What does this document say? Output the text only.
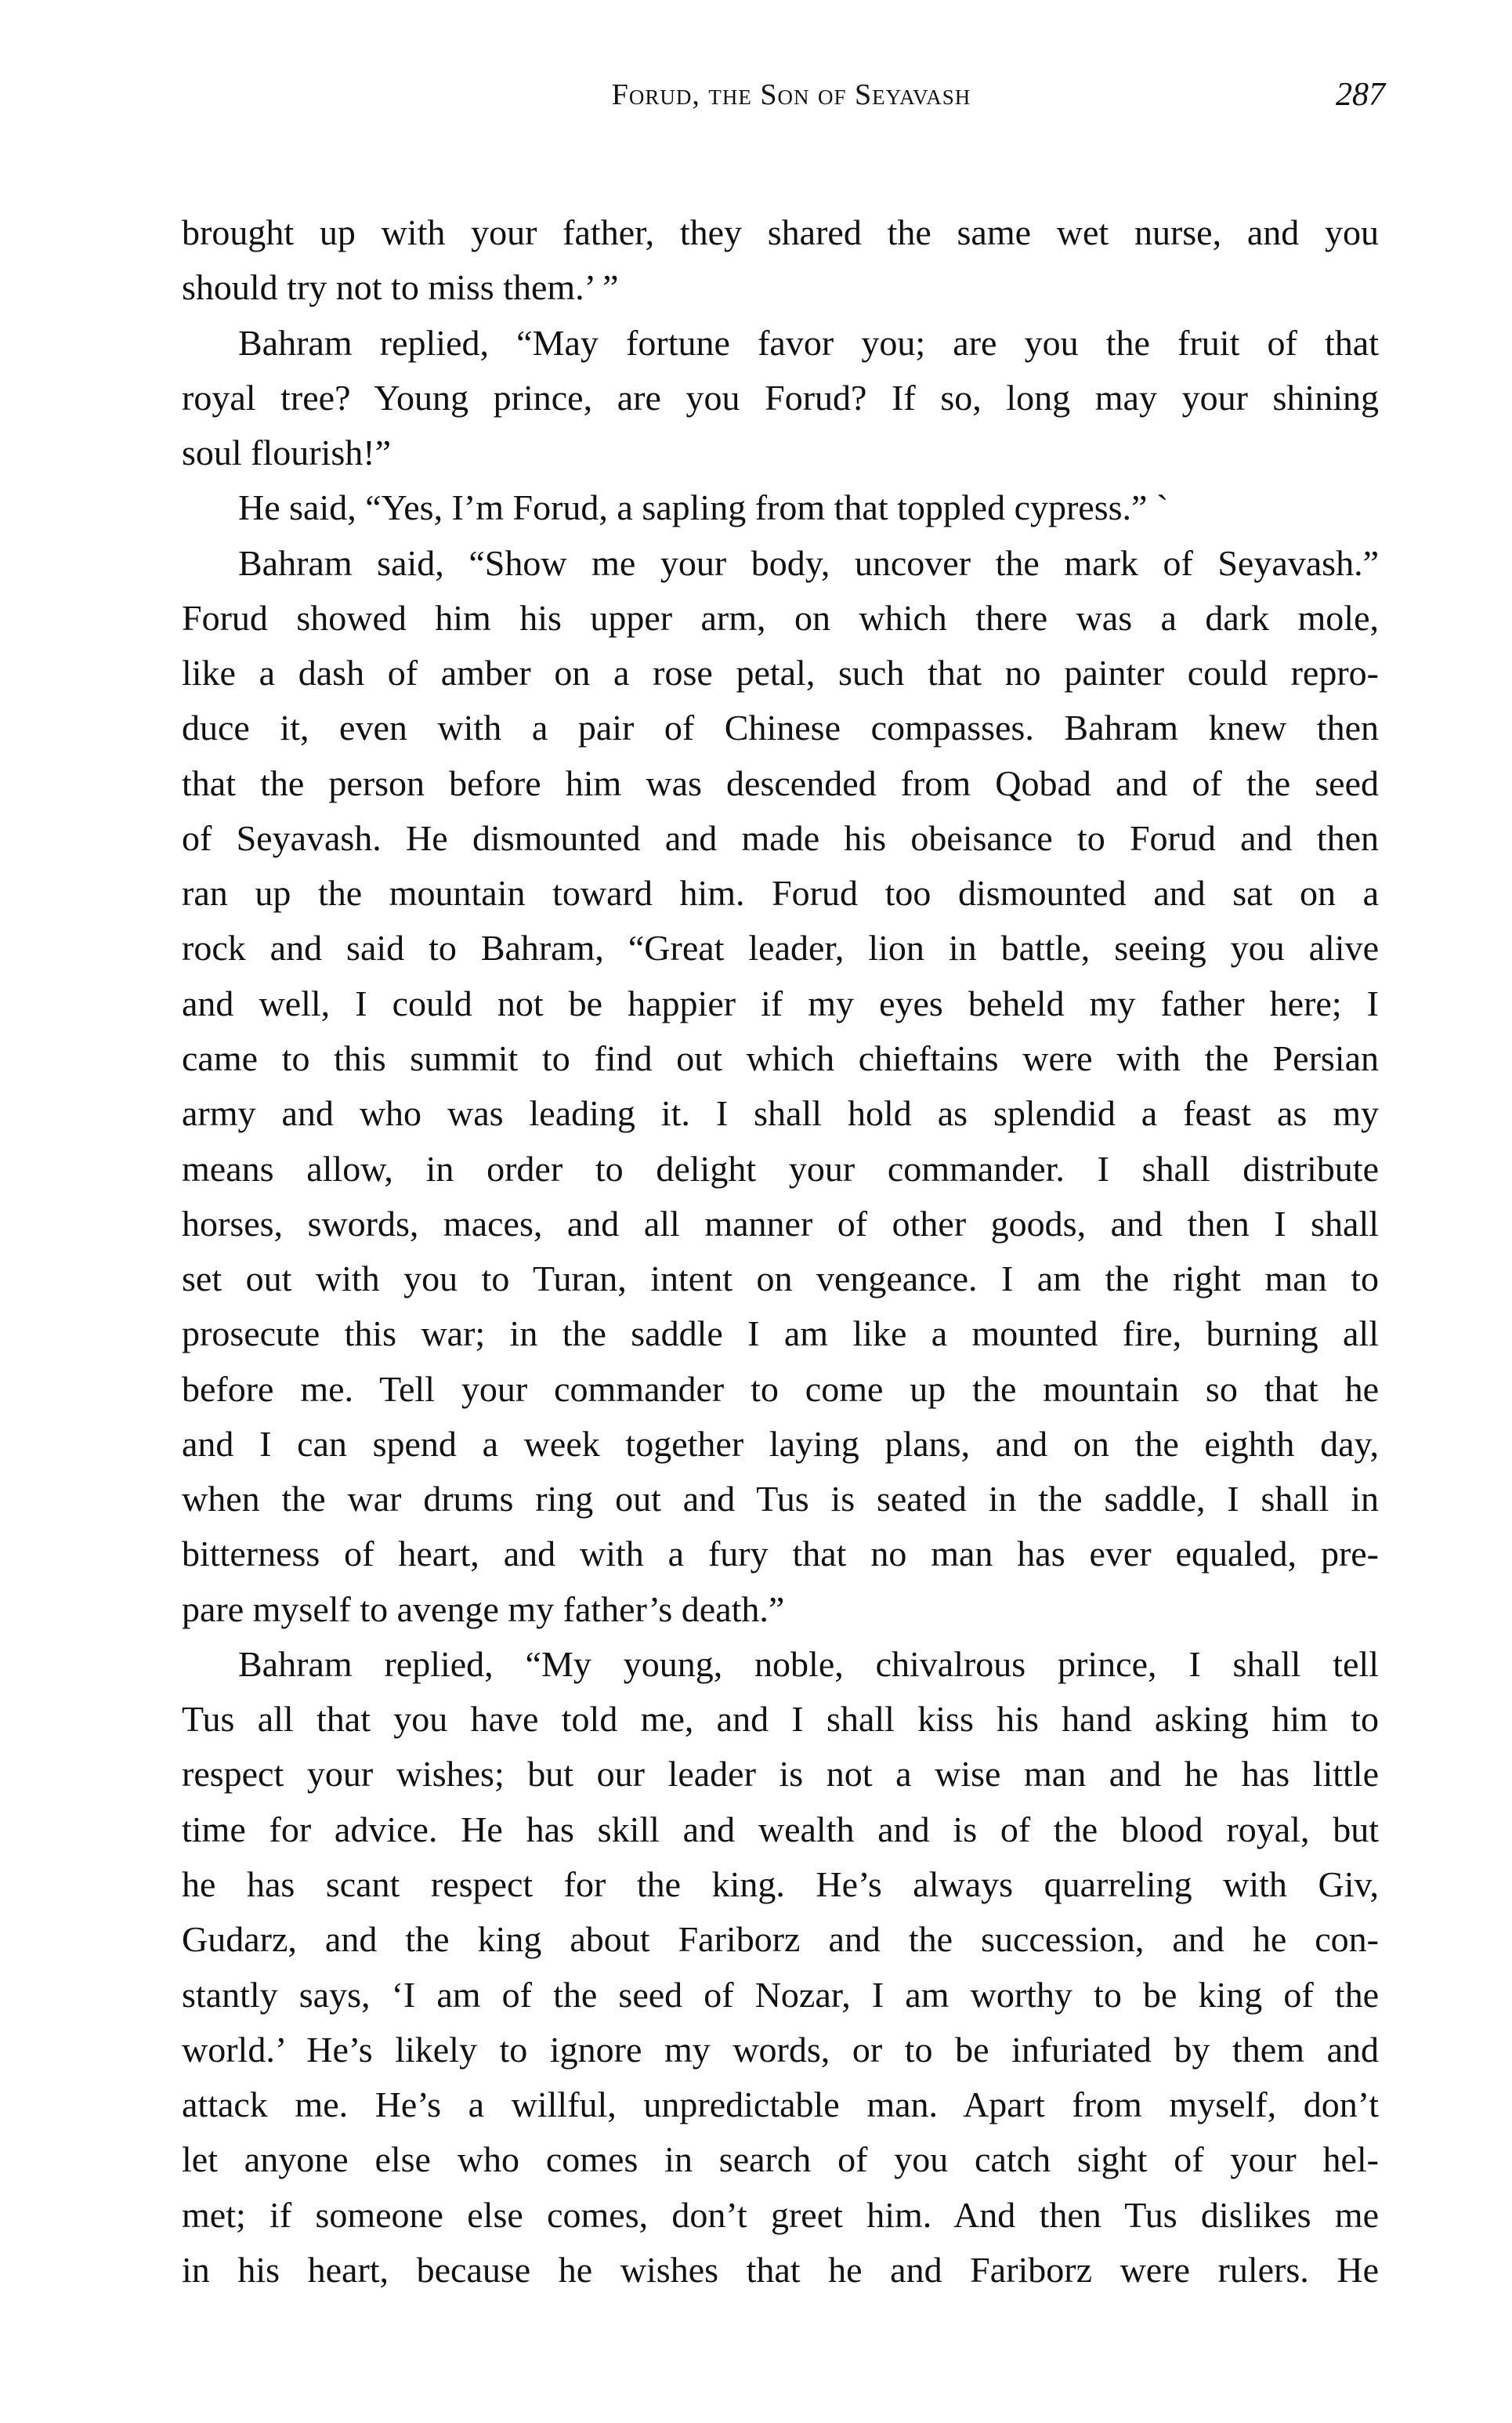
Forud, the Son of Seyavash	287
brought up with your father, they shared the same wet nurse, and you
should try not to miss them.’ ”
Bahram replied, “May fortune favor you; are you the fruit of that
royal tree? Young prince, are you Forud? If so, long may your shining
soul flourish!”
He said, “Yes, I’m Forud, a sapling from that toppled cypress.” ˋ
Bahram said, “Show me your body, uncover the mark of Seyavash.”
Forud showed him his upper arm, on which there was a dark mole,
like a dash of amber on a rose petal, such that no painter could repro-
duce it, even with a pair of Chinese compasses. Bahram knew then
that the person before him was descended from Qobad and of the seed
of Seyavash. He dismounted and made his obeisance to Forud and then
ran up the mountain toward him. Forud too dismounted and sat on a
rock and said to Bahram, “Great leader, lion in battle, seeing you alive
and well, I could not be happier if my eyes beheld my father here; I
came to this summit to find out which chieftains were with the Persian
army and who was leading it. I shall hold as splendid a feast as my
means allow, in order to delight your commander. I shall distribute
horses, swords, maces, and all manner of other goods, and then I shall
set out with you to Turan, intent on vengeance. I am the right man to
prosecute this war; in the saddle I am like a mounted fire, burning all
before me. Tell your commander to come up the mountain so that he
and I can spend a week together laying plans, and on the eighth day,
when the war drums ring out and Tus is seated in the saddle, I shall in
bitterness of heart, and with a fury that no man has ever equaled, pre-
pare myself to avenge my father’s death.”
Bahram replied, “My young, noble, chivalrous prince, I shall tell
Tus all that you have told me, and I shall kiss his hand asking him to
respect your wishes; but our leader is not a wise man and he has little
time for advice. He has skill and wealth and is of the blood royal, but
he has scant respect for the king. He’s always quarreling with Giv,
Gudarz, and the king about Fariborz and the succession, and he con-
stantly says, ‘I am of the seed of Nozar, I am worthy to be king of the
world.’ He’s likely to ignore my words, or to be infuriated by them and
attack me. He’s a willful, unpredictable man. Apart from myself, don’t
let anyone else who comes in search of you catch sight of your hel-
met; if someone else comes, don’t greet him. And then Tus dislikes me
in his heart, because he wishes that he and Fariborz were rulers. He
